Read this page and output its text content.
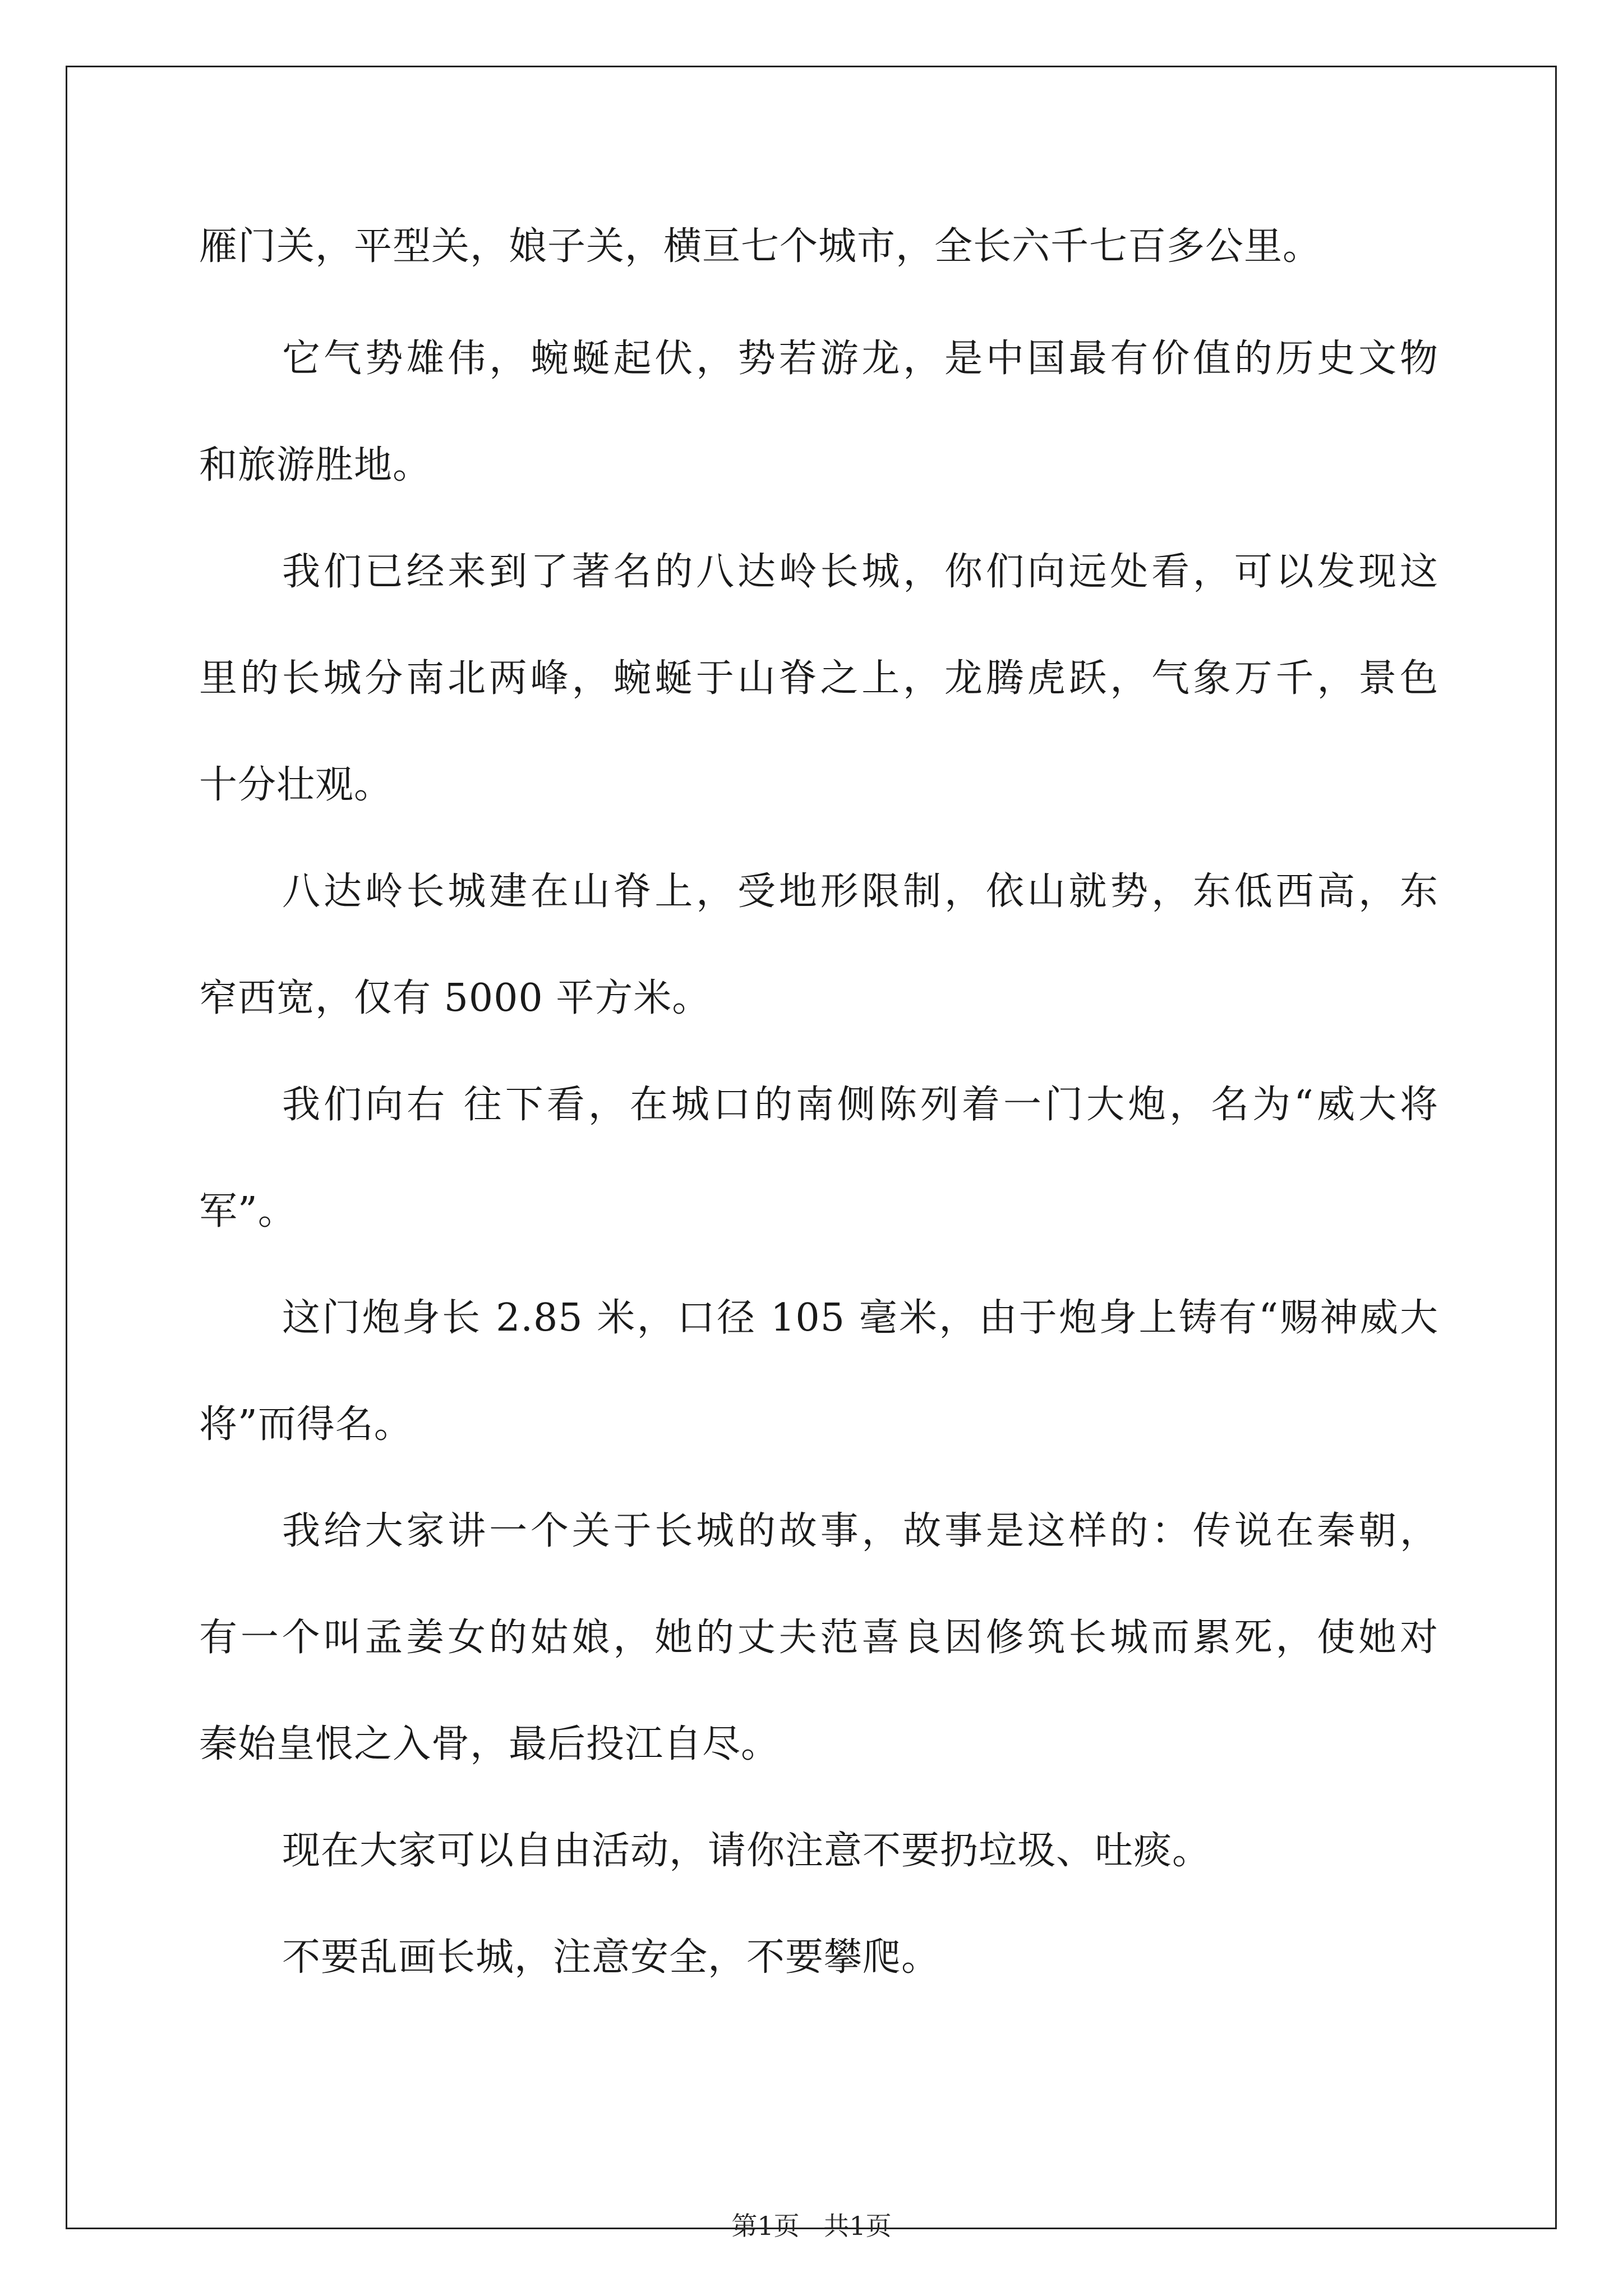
雁门关，平型关，娘子关，横亘七个城市，全长六千七百多公里。
它气势雄伟，蜿蜒起伏，势若游龙，是中国最有价值的历史文物
和旅游胜地。
我们已经来到了著名的八达岭长城，你们向远处看，可以发现这
里的长城分南北两峰，蜿蜒于山脊之上，龙腾虎跃，气象万千，景色
十分壮观。
八达岭长城建在山脊上，受地形限制，依山就势，东低西高，东
窄西宽，仅有 5000 平方米。
我们向右 往下看，在城口的南侧陈列着一门大炮，名为“威大将
军”。
这门炮身长 2.85 米，口径 105 毫米，由于炮身上铸有“赐神威大
将”而得名。
我给大家讲一个关于长城的故事，故事是这样的：传说在秦朝，
有一个叫孟姜女的姑娘，她的丈夫范喜良因修筑长城而累死，使她对
秦始皇恨之入骨，最后投江自尽。
现在大家可以自由活动，请你注意不要扔垃圾、吐痰。
不要乱画长城，注意安全，不要攀爬。
第1页 共1页
